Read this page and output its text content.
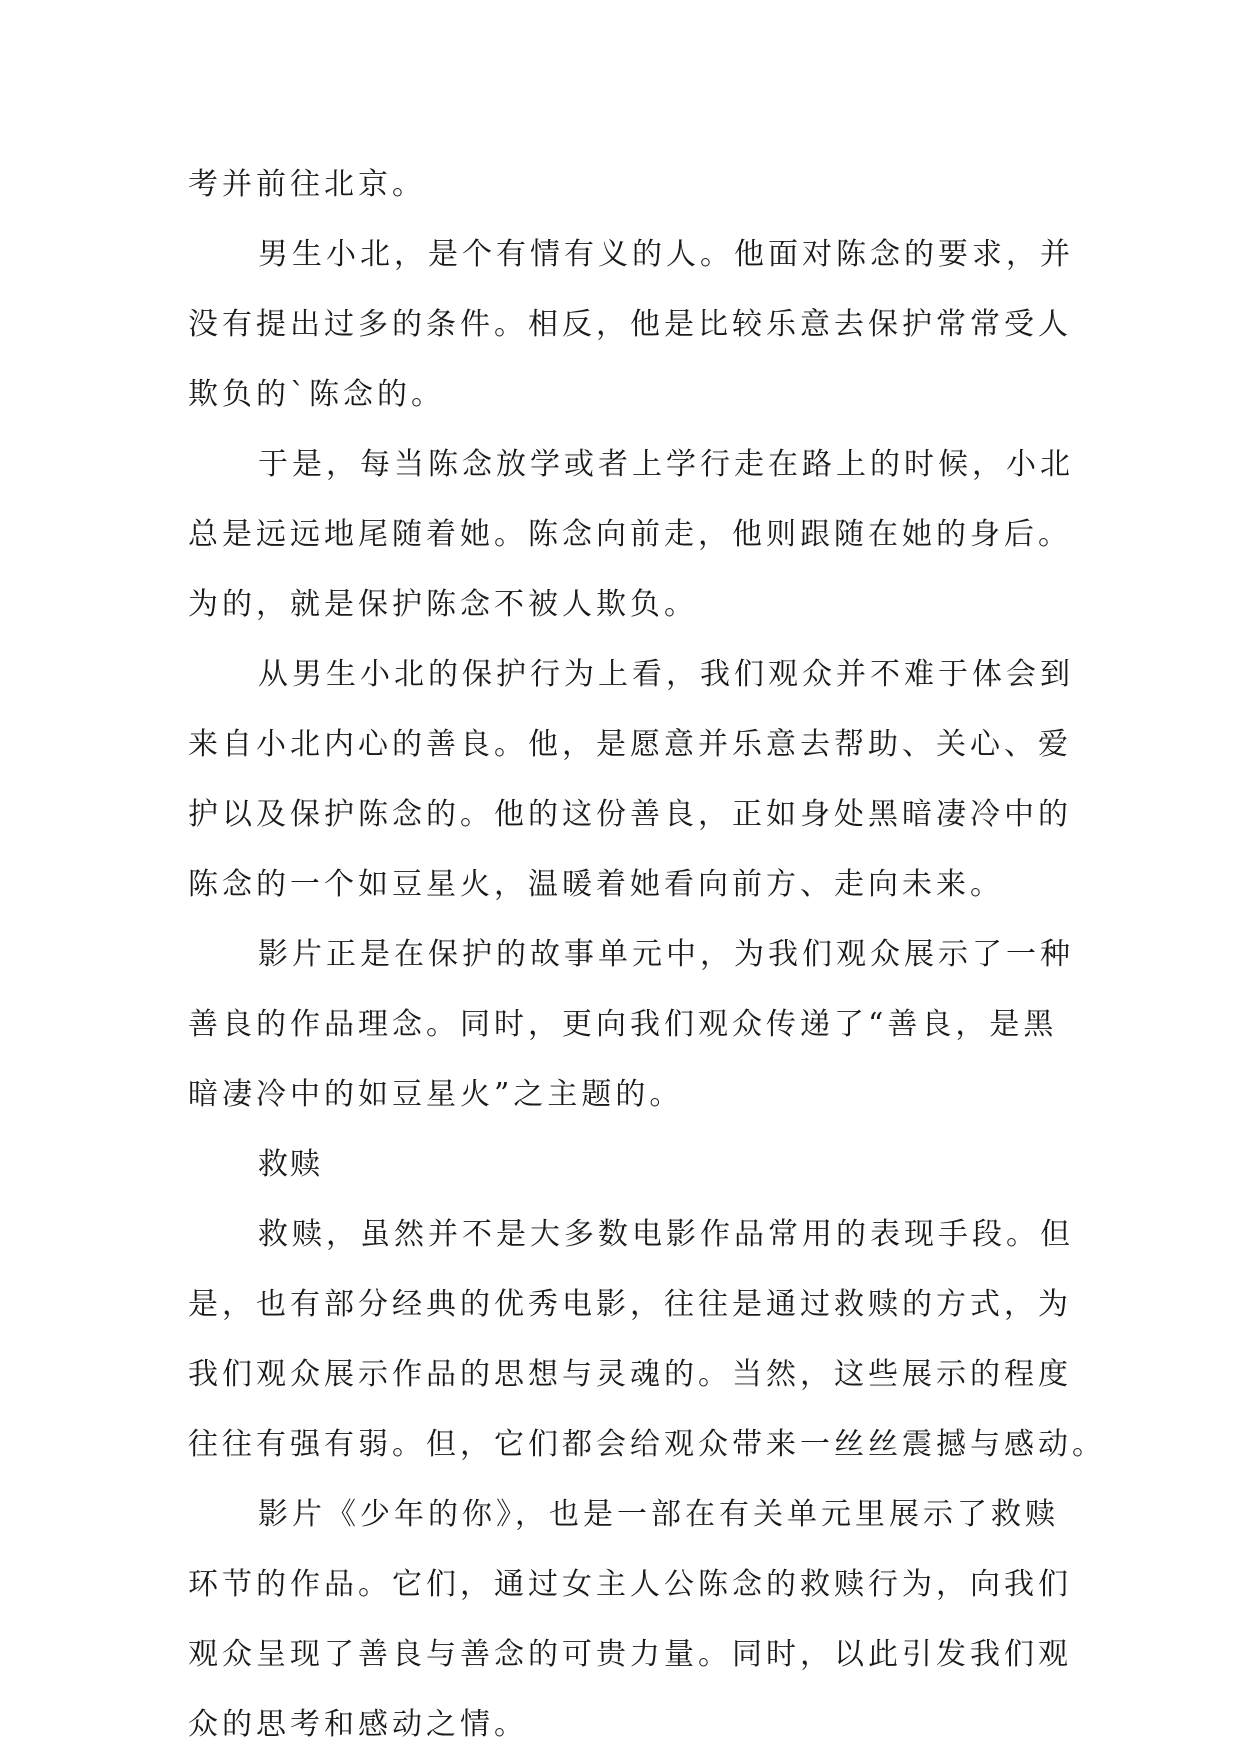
考并前往北京。
男生小北，是个有情有义的人。他面对陈念的要求，并
没有提出过多的条件。相反，他是比较乐意去保护常常受人
欺负的`陈念的。
于是，每当陈念放学或者上学行走在路上的时候，小北
总是远远地尾随着她。陈念向前走，他则跟随在她的身后。
为的，就是保护陈念不被人欺负。
从男生小北的保护行为上看，我们观众并不难于体会到
来自小北内心的善良。他，是愿意并乐意去帮助、关心、爱
护以及保护陈念的。他的这份善良，正如身处黑暗凄冷中的
陈念的一个如豆星火，温暖着她看向前方、走向未来。
影片正是在保护的故事单元中，为我们观众展示了一种
善良的作品理念。同时，更向我们观众传递了“善良，是黑
暗凄冷中的如豆星火”之主题的。
救赎
救赎，虽然并不是大多数电影作品常用的表现手段。但
是，也有部分经典的优秀电影，往往是通过救赎的方式，为
我们观众展示作品的思想与灵魂的。当然，这些展示的程度
往往有强有弱。但，它们都会给观众带来一丝丝震撼与感动。
影片《少年的你》，也是一部在有关单元里展示了救赎
环节的作品。它们，通过女主人公陈念的救赎行为，向我们
观众呈现了善良与善念的可贵力量。同时，以此引发我们观
众的思考和感动之情。
